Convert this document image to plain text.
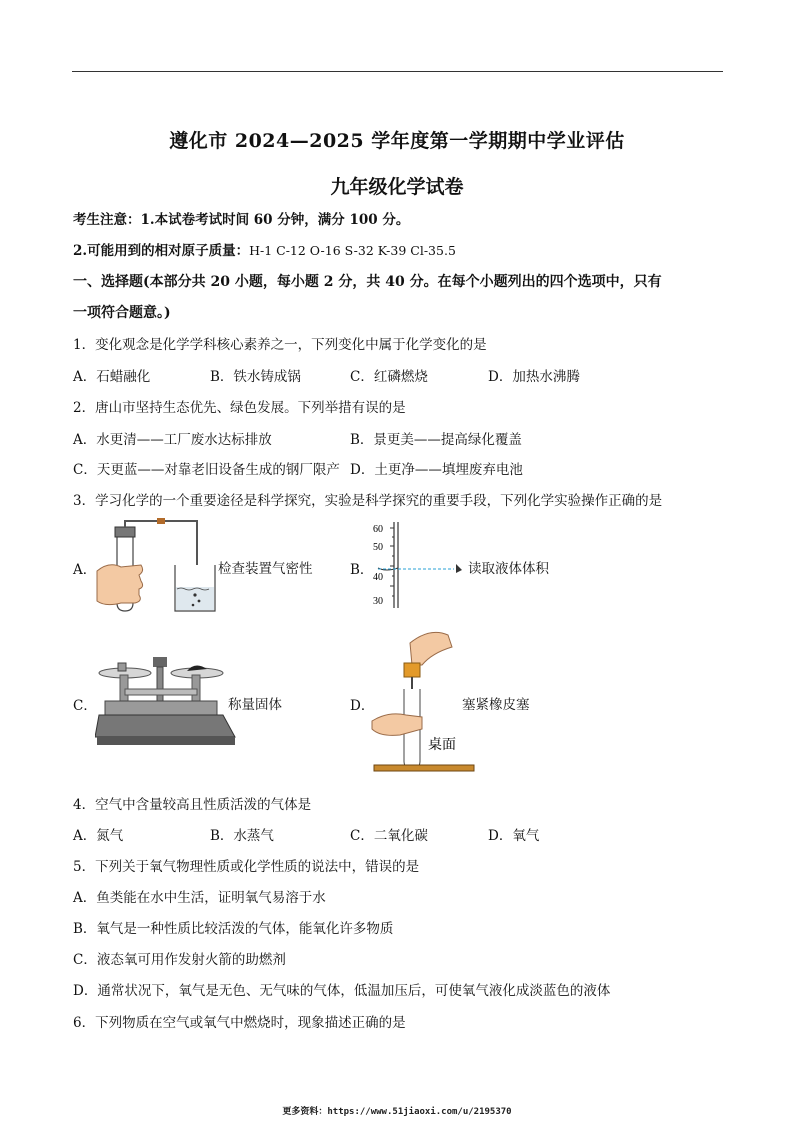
遵化市 2024—2025 学年度第一学期期中学业评估
九年级化学试卷
考生注意：1.本试卷考试时间 60 分钟，满分 100 分。
2.可能用到的相对原子质量：H-1 C-12 O-16 S-32 K-39 Cl-35.5
一、选择题(本部分共 20 小题，每小题 2 分，共 40 分。在每个小题列出的四个选项中，只有
一项符合题意。)
1．变化观念是化学学科核心素养之一，下列变化中属于化学变化的是
A．石蜡融化	B．铁水铸成锅	C．红磷燃烧	D．加热水沸腾
2．唐山市坚持生态优先、绿色发展。下列举措有误的是
A．水更清——工厂废水达标排放	B．景更美——提高绿化覆盖
C．天更蓝——对靠老旧设备生成的钢厂限产 D．土更净——填埋废弃电池
3．学习化学的一个重要途径是科学探究，实验是科学探究的重要手段，下列化学实验操作正确的是
A．	检查装置气密性	B．
60
50
40
30
读取液体体积
C．	称量固体	D．
桌面
塞紧橡皮塞
4．空气中含量较高且性质活泼的气体是
A．氮气	B．水蒸气	C．二氧化碳	D．氧气
5．下列关于氧气物理性质或化学性质的说法中，错误的是
A．鱼类能在水中生活，证明氧气易溶于水
B．氧气是一种性质比较活泼的气体，能氧化许多物质
C．液态氧可用作发射火箭的助燃剂
D．通常状况下，氧气是无色、无气味的气体，低温加压后，可使氧气液化成淡蓝色的液体
6．下列物质在空气或氧气中燃烧时，现象描述正确的是
更多资料：https://www.51jiaoxi.com/u/2195370
